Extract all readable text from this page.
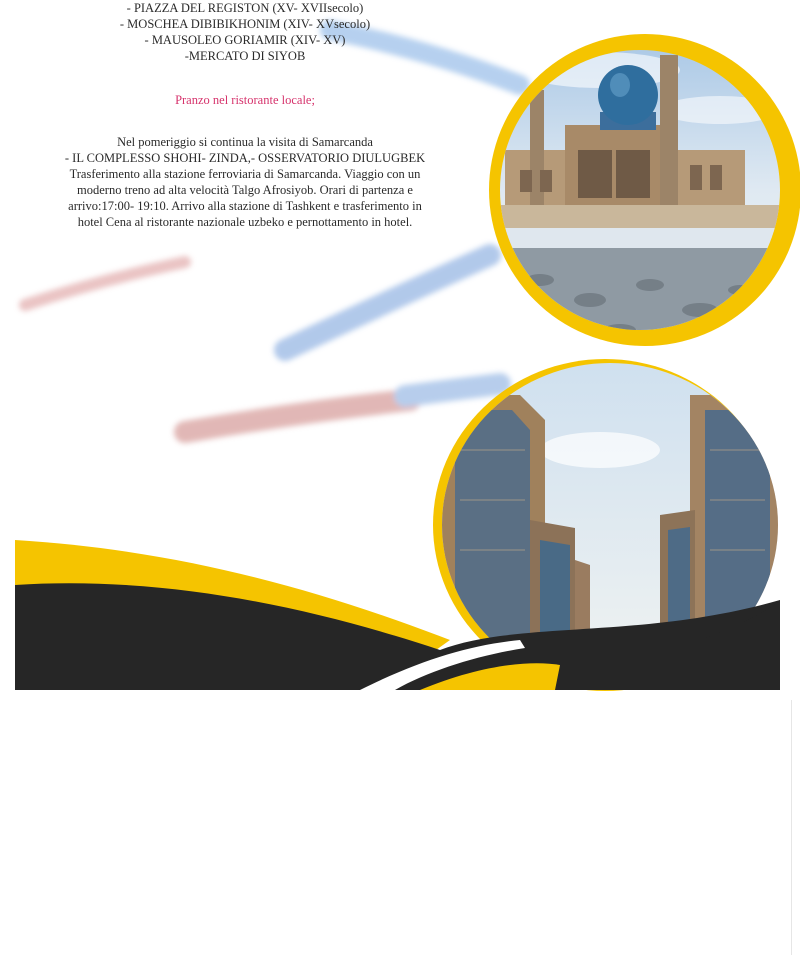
- PIAZZA DEL REGISTON (XV- XVIIsecolo)
- MOSCHEA DIBIBIKHONIM (XIV- XVsecolo)
- MAUSOLEO GORIAMIR (XIV- XV)
-MERCATO DI SIYOB
Pranzo nel ristorante locale;
Nel pomeriggio si continua la visita di Samarcanda
- IL COMPLESSO SHOHI- ZINDA,- OSSERVATORIO DIULUGBEK
Trasferimento alla stazione ferroviaria di Samarcanda. Viaggio con un
moderno treno ad alta velocità Talgo Afrosiyob. Orari di partenza e
arrivo:17:00- 19:10. Arrivo alla stazione di Tashkent e trasferimento in
hotel Cena al ristorante nazionale uzbeko e pernottamento in hotel.
